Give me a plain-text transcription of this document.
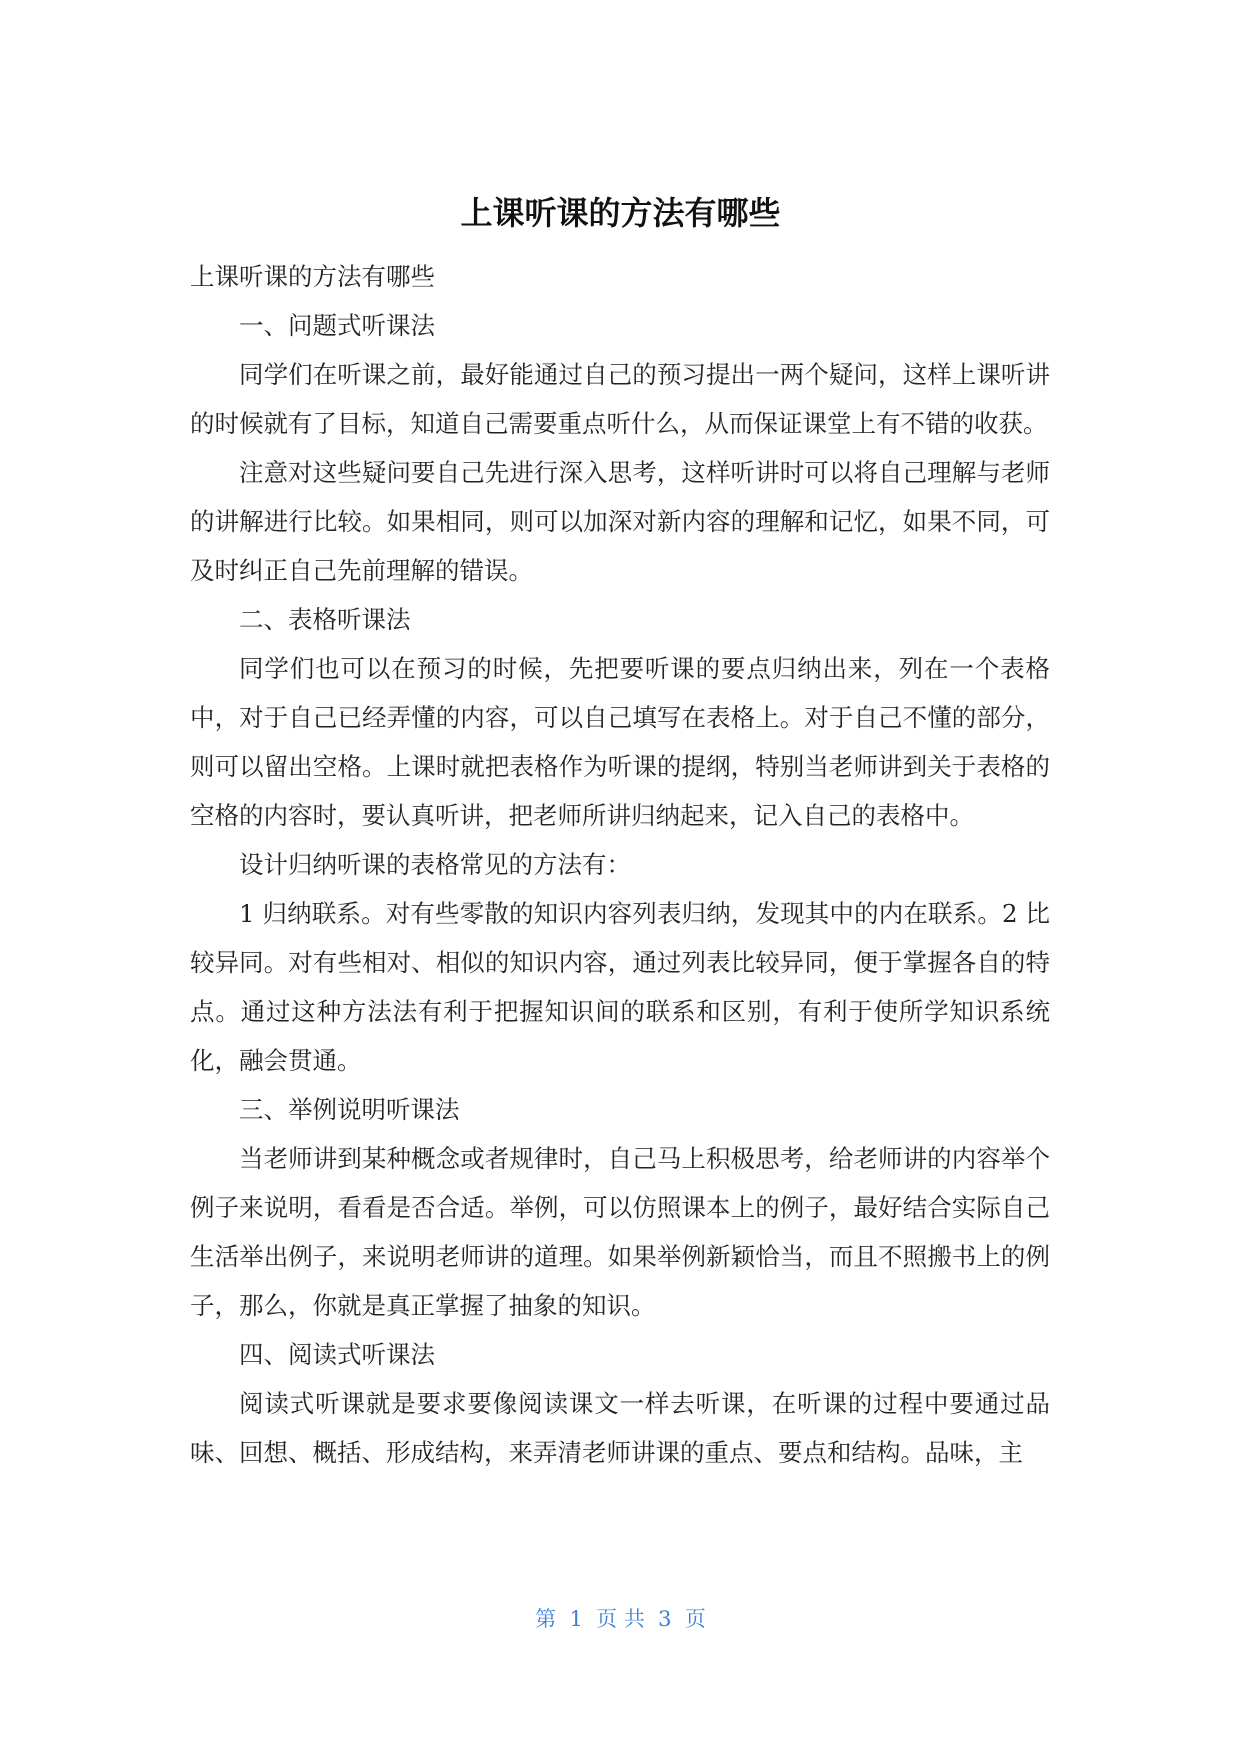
上课听课的方法有哪些

上课听课的方法有哪些

一、问题式听课法

同学们在听课之前，最好能通过自己的预习提出一两个疑问，这样上课听讲的时候就有了目标，知道自己需要重点听什么，从而保证课堂上有不错的收获。

注意对这些疑问要自己先进行深入思考，这样听讲时可以将自己理解与老师的讲解进行比较。如果相同，则可以加深对新内容的理解和记忆，如果不同，可及时纠正自己先前理解的错误。

二、表格听课法

同学们也可以在预习的时候，先把要听课的要点归纳出来，列在一个表格中，对于自己已经弄懂的内容，可以自己填写在表格上。对于自己不懂的部分，则可以留出空格。上课时就把表格作为听课的提纲，特别当老师讲到关于表格的空格的内容时，要认真听讲，把老师所讲归纳起来，记入自己的表格中。

设计归纳听课的表格常见的方法有：

1 归纳联系。对有些零散的知识内容列表归纳，发现其中的内在联系。2 比较异同。对有些相对、相似的知识内容，通过列表比较异同，便于掌握各自的特点。通过这种方法法有利于把握知识间的联系和区别，有利于使所学知识系统化，融会贯通。

三、举例说明听课法

当老师讲到某种概念或者规律时，自己马上积极思考，给老师讲的内容举个例子来说明，看看是否合适。举例，可以仿照课本上的例子，最好结合实际自己生活举出例子，来说明老师讲的道理。如果举例新颖恰当，而且不照搬书上的例子，那么，你就是真正掌握了抽象的知识。

四、阅读式听课法

阅读式听课就是要求要像阅读课文一样去听课，在听课的过程中要通过品味、回想、概括、形成结构，来弄清老师讲课的重点、要点和结构。品味，主

第  1  页 共  3  页
